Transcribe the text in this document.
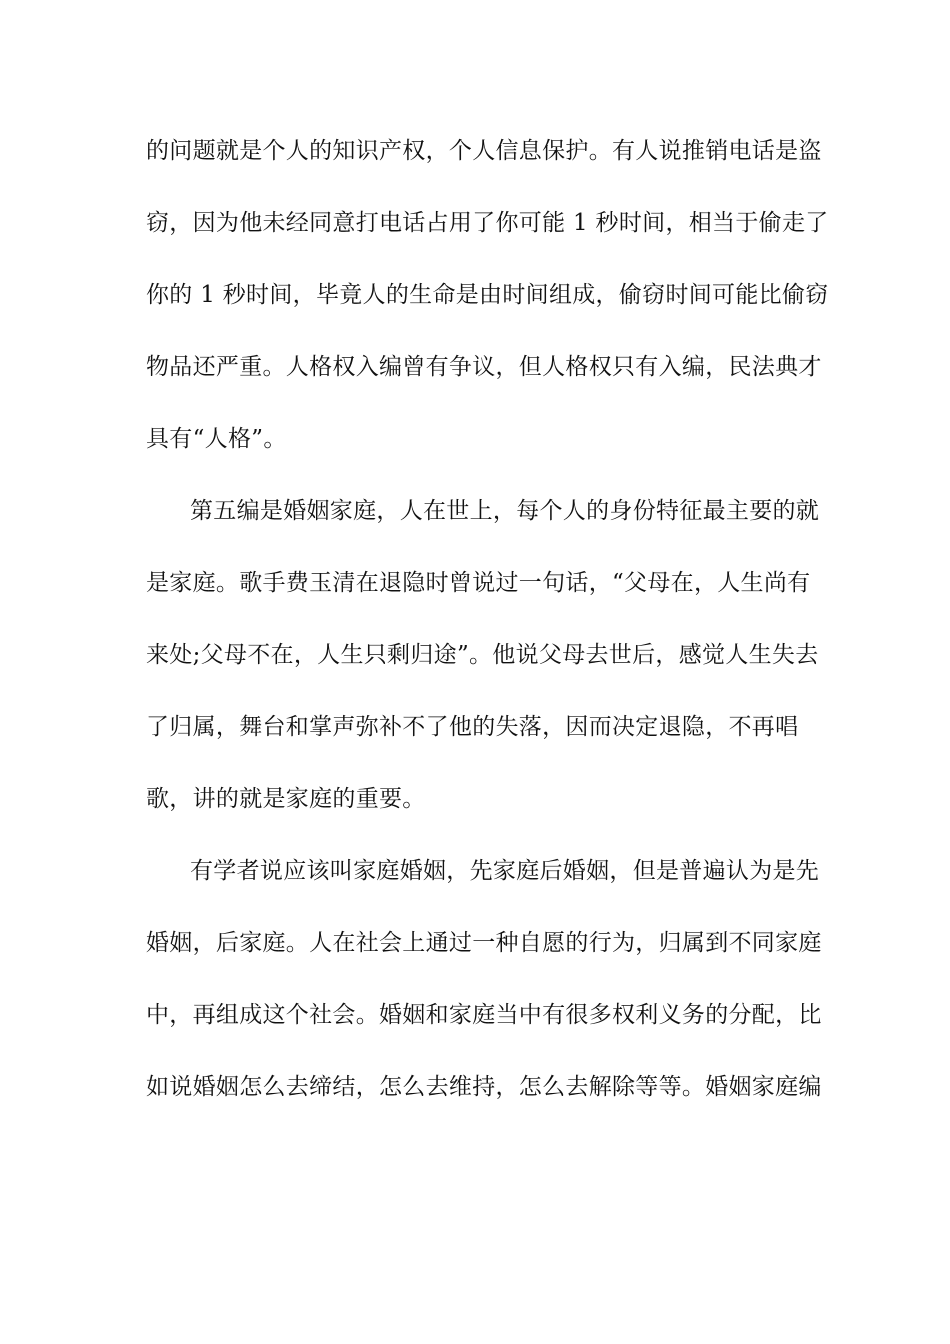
的问题就是个人的知识产权，个人信息保护。有人说推销电话是盗
窃，因为他未经同意打电话占用了你可能 1 秒时间，相当于偷走了
你的 1 秒时间，毕竟人的生命是由时间组成，偷窃时间可能比偷窃
物品还严重。人格权入编曾有争议，但人格权只有入编，民法典才
具有“人格”。
第五编是婚姻家庭，人在世上，每个人的身份特征最主要的就
是家庭。歌手费玉清在退隐时曾说过一句话，“父母在，人生尚有
来处;父母不在，人生只剩归途”。他说父母去世后，感觉人生失去
了归属，舞台和掌声弥补不了他的失落，因而决定退隐，不再唱
歌，讲的就是家庭的重要。
有学者说应该叫家庭婚姻，先家庭后婚姻，但是普遍认为是先
婚姻，后家庭。人在社会上通过一种自愿的行为，归属到不同家庭
中，再组成这个社会。婚姻和家庭当中有很多权利义务的分配，比
如说婚姻怎么去缔结，怎么去维持，怎么去解除等等。婚姻家庭编
